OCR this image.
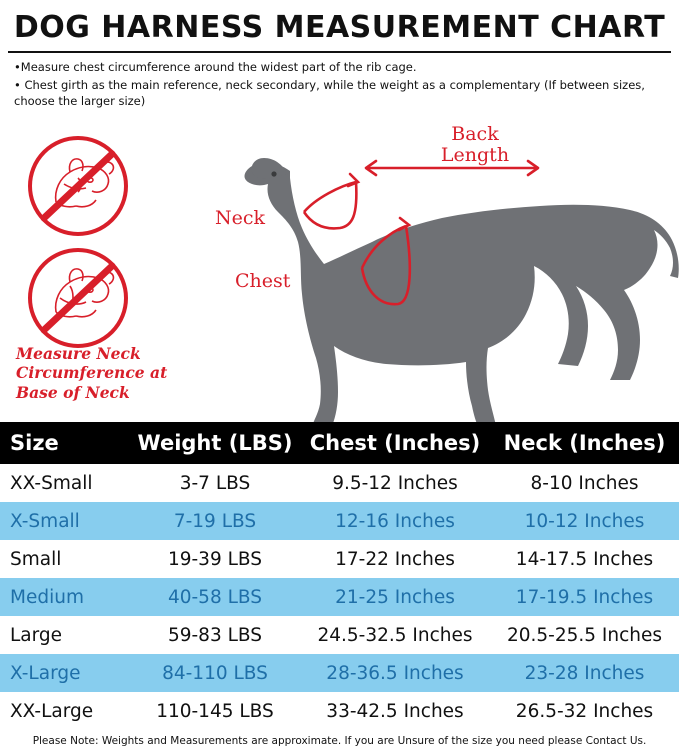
DOG HARNESS MEASUREMENT CHART
•Measure chest circumference around the widest part of the rib cage.
• Chest girth as the main reference, neck secondary, while the weight as a complementary (If between sizes, choose the larger size)
Measure Neck Circumference at Base of Neck
Back
Length
Neck
Chest
Size	Weight (LBS)	Chest (Inches)	Neck (Inches)
XX-Small	3-7 LBS	9.5-12 Inches	8-10 Inches
X-Small	7-19 LBS	12-16 Inches	10-12 Inches
Small	19-39 LBS	17-22 Inches	14-17.5 Inches
Medium	40-58 LBS	21-25 Inches	17-19.5 Inches
Large	59-83 LBS	24.5-32.5 Inches	20.5-25.5 Inches
X-Large	84-110 LBS	28-36.5 Inches	23-28 Inches
XX-Large	110-145 LBS	33-42.5 Inches	26.5-32 Inches
Please Note: Weights and Measurements are approximate. If you are Unsure of the size you need please Contact Us.
